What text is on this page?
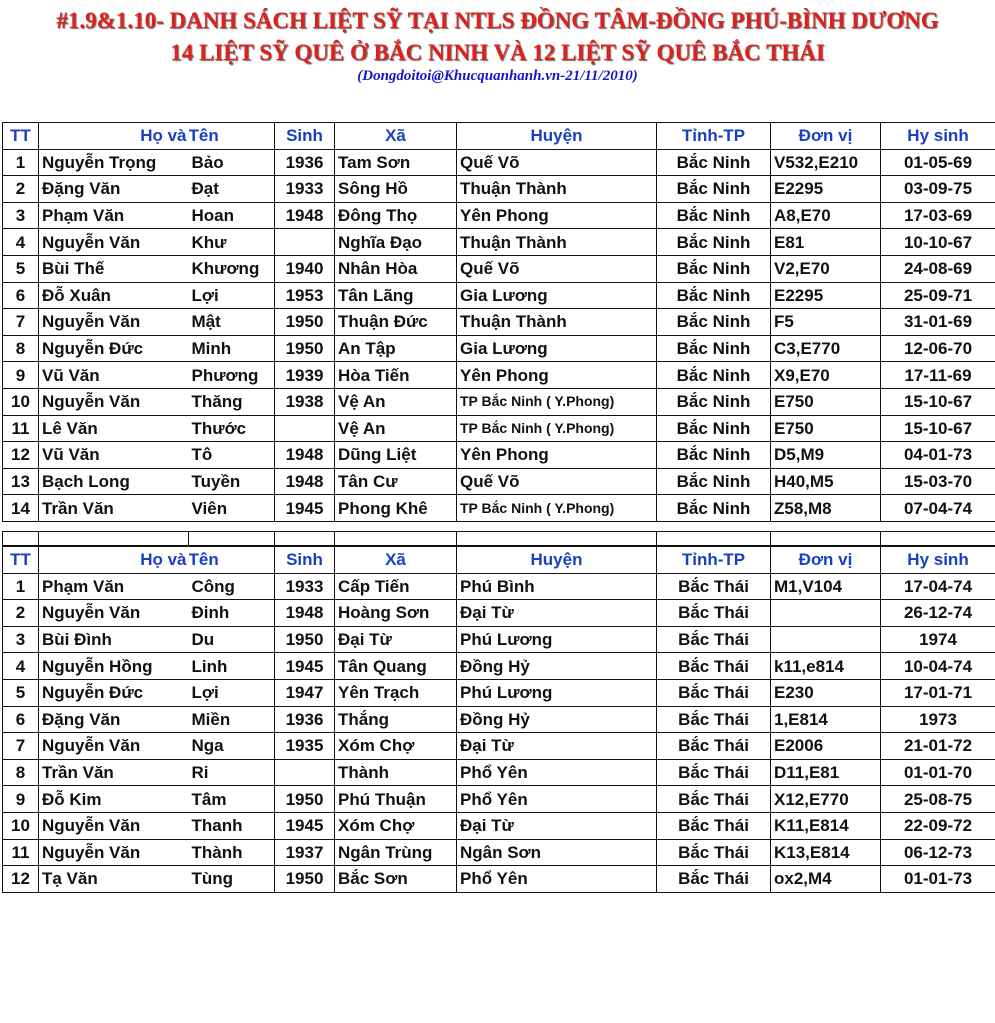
#1.9&1.10- DANH SÁCH LIỆT SỸ TẠI NTLS ĐỒNG TÂM-ĐỒNG PHÚ-BÌNH DƯƠNG
14 LIỆT SỸ QUÊ Ở BẮC NINH VÀ 12 LIỆT SỸ QUÊ BẮC THÁI
(Dongdoitoi@Khucquanhanh.vn-21/11/2010)
TT	Họ và	Tên	Sinh	Xã	Huyện	Tỉnh-TP	Đơn vị	Hy sinh
1	Nguyễn Trọng	Bảo	1936	Tam Sơn	Quế Võ	Bắc Ninh	V532,E210	01-05-69
2	Đặng Văn	Đạt	1933	Sông Hồ	Thuận Thành	Bắc Ninh	E2295	03-09-75
3	Phạm Văn	Hoan	1948	Đông Thọ	Yên Phong	Bắc Ninh	A8,E70	17-03-69
4	Nguyễn Văn	Khư		Nghĩa Đạo	Thuận Thành	Bắc Ninh	E81	10-10-67
5	Bùi Thế	Khương	1940	Nhân Hòa	Quế Võ	Bắc Ninh	V2,E70	24-08-69
6	Đỗ Xuân	Lợi	1953	Tân Lãng	Gia Lương	Bắc Ninh	E2295	25-09-71
7	Nguyễn Văn	Mật	1950	Thuận Đức	Thuận Thành	Bắc Ninh	F5	31-01-69
8	Nguyễn Đức	Minh	1950	An Tập	Gia Lương	Bắc Ninh	C3,E770	12-06-70
9	Vũ Văn	Phương	1939	Hòa Tiến	Yên Phong	Bắc Ninh	X9,E70	17-11-69
10	Nguyễn Văn	Thăng	1938	Vệ An	TP Bắc Ninh ( Y.Phong)	Bắc Ninh	E750	15-10-67
11	Lê Văn	Thước		Vệ An	TP Bắc Ninh ( Y.Phong)	Bắc Ninh	E750	15-10-67
12	Vũ Văn	Tô	1948	Dũng Liệt	Yên Phong	Bắc Ninh	D5,M9	04-01-73
13	Bạch Long	Tuyền	1948	Tân Cư	Quế Võ	Bắc Ninh	H40,M5	15-03-70
14	Trần Văn	Viên	1945	Phong Khê	TP Bắc Ninh ( Y.Phong)	Bắc Ninh	Z58,M8	07-04-74
TT	Họ và	Tên	Sinh	Xã	Huyện	Tỉnh-TP	Đơn vị	Hy sinh
1	Phạm Văn	Công	1933	Cấp Tiến	Phú Bình	Bắc Thái	M1,V104	17-04-74
2	Nguyễn Văn	Đinh	1948	Hoàng Sơn	Đại Từ	Bắc Thái		26-12-74
3	Bùi Đình	Du	1950	Đại Từ	Phú Lương	Bắc Thái		1974
4	Nguyễn Hồng	Linh	1945	Tân Quang	Đồng Hỷ	Bắc Thái	k11,e814	10-04-74
5	Nguyễn Đức	Lợi	1947	Yên Trạch	Phú Lương	Bắc Thái	E230	17-01-71
6	Đặng Văn	Miền	1936	Thắng	Đồng Hỷ	Bắc Thái	1,E814	1973
7	Nguyễn Văn	Nga	1935	Xóm Chợ	Đại Từ	Bắc Thái	E2006	21-01-72
8	Trần Văn	Ri		Thành	Phổ Yên	Bắc Thái	D11,E81	01-01-70
9	Đỗ Kim	Tâm	1950	Phú Thuận	Phổ Yên	Bắc Thái	X12,E770	25-08-75
10	Nguyễn Văn	Thanh	1945	Xóm Chợ	Đại Từ	Bắc Thái	K11,E814	22-09-72
11	Nguyễn Văn	Thành	1937	Ngân Trùng	Ngân Sơn	Bắc Thái	K13,E814	06-12-73
12	Tạ Văn	Tùng	1950	Bắc Sơn	Phổ Yên	Bắc Thái	ox2,M4	01-01-73
